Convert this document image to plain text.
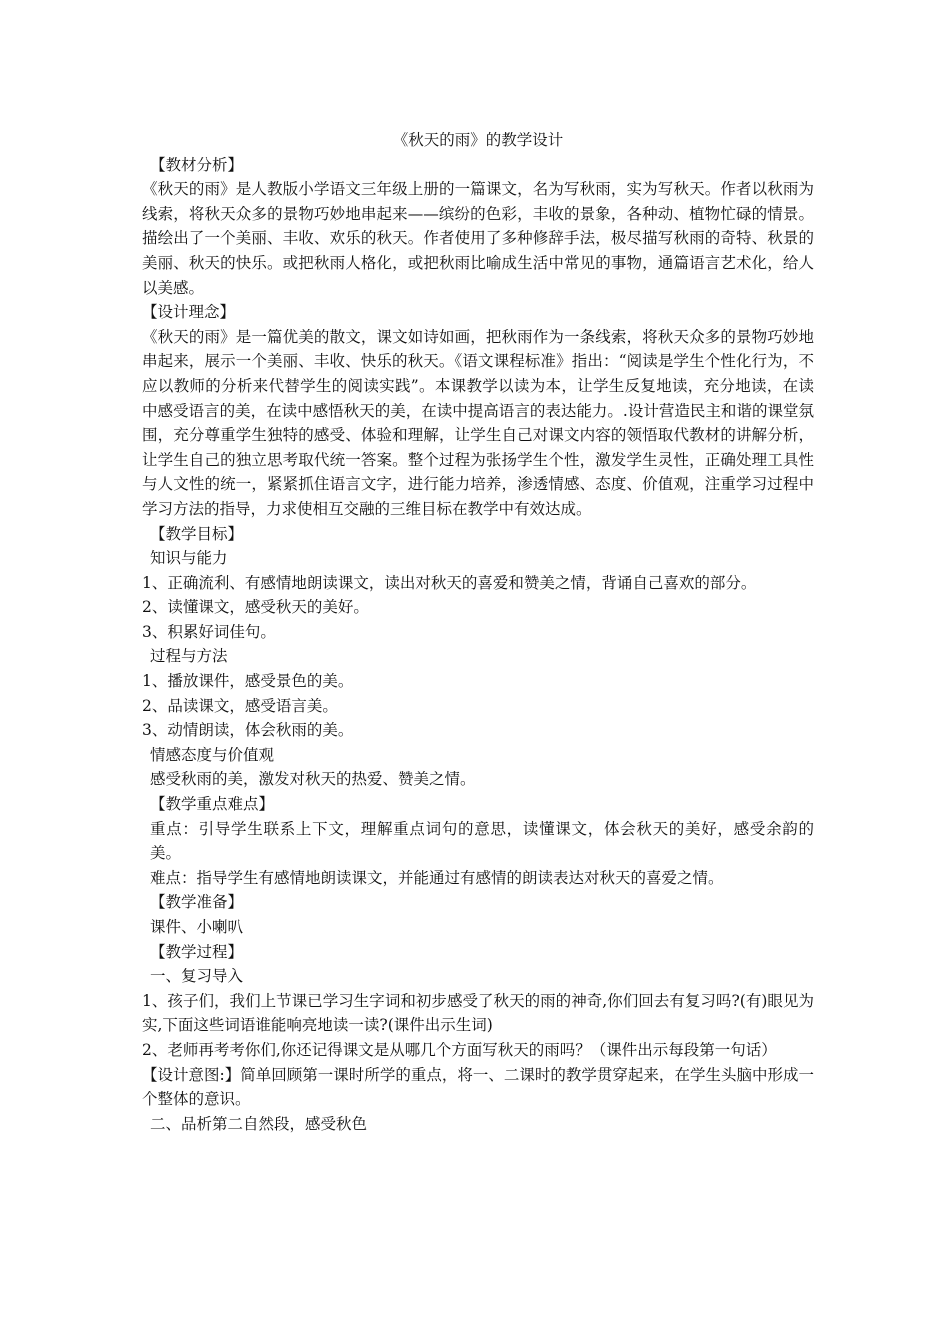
《秋天的雨》的教学设计

【教材分析】

《秋天的雨》是人教版小学语文三年级上册的一篇课文，名为写秋雨，实为写秋天。作者以秋雨为线索，将秋天众多的景物巧妙地串起来——缤纷的色彩，丰收的景象，各种动、植物忙碌的情景。描绘出了一个美丽、丰收、欢乐的秋天。作者使用了多种修辞手法，极尽描写秋雨的奇特、秋景的美丽、秋天的快乐。或把秋雨人格化，或把秋雨比喻成生活中常见的事物，通篇语言艺术化，给人以美感。

【设计理念】

《秋天的雨》是一篇优美的散文，课文如诗如画，把秋雨作为一条线索，将秋天众多的景物巧妙地串起来，展示一个美丽、丰收、快乐的秋天。《语文课程标准》指出：“阅读是学生个性化行为，不应以教师的分析来代替学生的阅读实践”。本课教学以读为本，让学生反复地读，充分地读，在读中感受语言的美，在读中感悟秋天的美，在读中提高语言的表达能力。.设计营造民主和谐的课堂氛围，充分尊重学生独特的感受、体验和理解，让学生自己对课文内容的领悟取代教材的讲解分析，让学生自己的独立思考取代统一答案。整个过程为张扬学生个性，激发学生灵性，正确处理工具性与人文性的统一，紧紧抓住语言文字，进行能力培养，渗透情感、态度、价值观，注重学习过程中学习方法的指导，力求使相互交融的三维目标在教学中有效达成。

【教学目标】

知识与能力

1、正确流利、有感情地朗读课文，读出对秋天的喜爱和赞美之情，背诵自己喜欢的部分。

2、读懂课文，感受秋天的美好。

3、积累好词佳句。

过程与方法

1、播放课件，感受景色的美。

2、品读课文，感受语言美。

3、动情朗读，体会秋雨的美。

情感态度与价值观

感受秋雨的美，激发对秋天的热爱、赞美之情。

【教学重点难点】

重点：引导学生联系上下文，理解重点词句的意思，读懂课文，体会秋天的美好，感受余韵的美。

难点：指导学生有感情地朗读课文，并能通过有感情的朗读表达对秋天的喜爱之情。

【教学准备】

课件、小喇叭

【教学过程】

一、复习导入

1、孩子们，我们上节课已学习生字词和初步感受了秋天的雨的神奇,你们回去有复习吗?(有)眼见为实,下面这些词语谁能响亮地读一读?(课件出示生词)

2、老师再考考你们,你还记得课文是从哪几个方面写秋天的雨吗？（课件出示每段第一句话）

【设计意图:】简单回顾第一课时所学的重点，将一、二课时的教学贯穿起来，在学生头脑中形成一个整体的意识。

二、品析第二自然段，感受秋色
